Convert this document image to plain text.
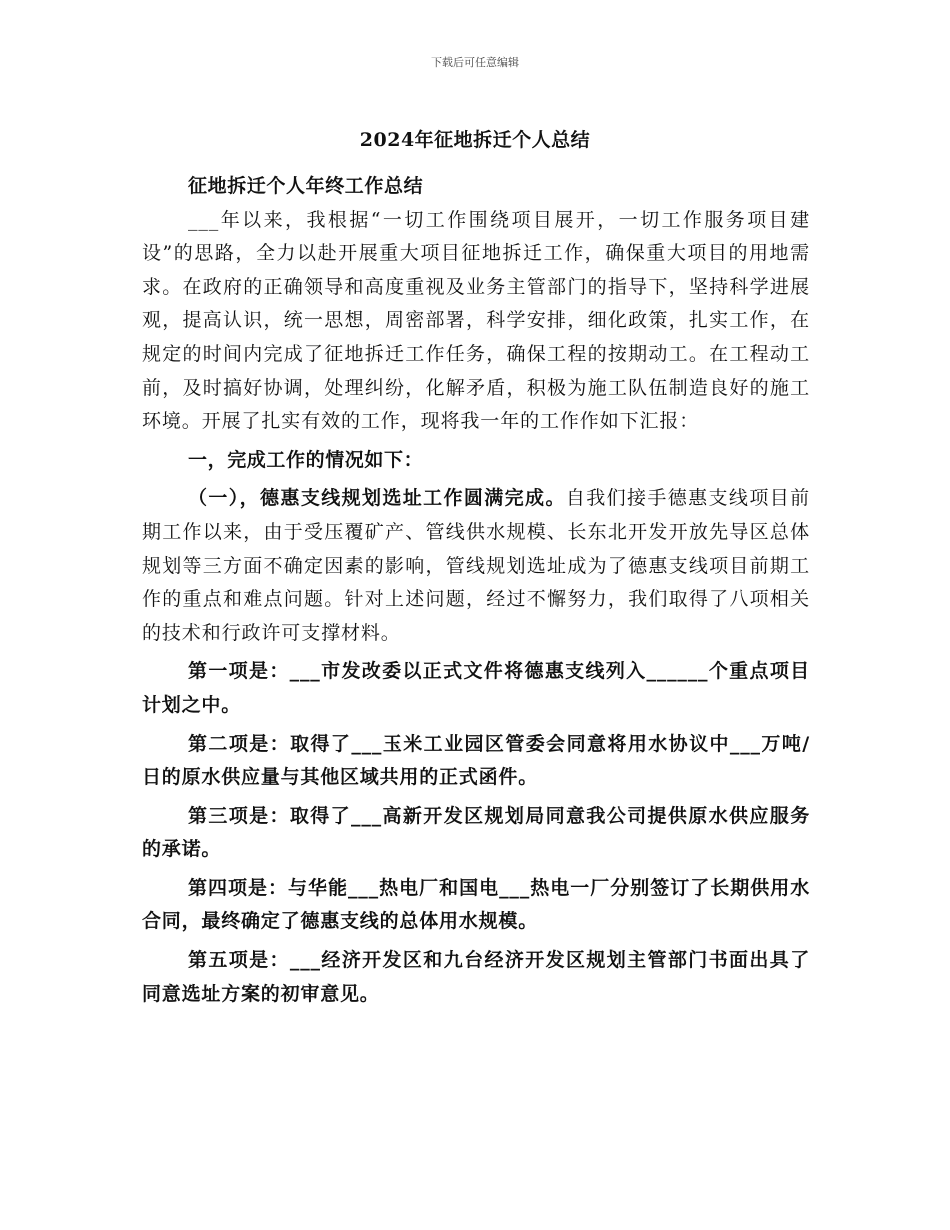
下载后可任意编辑
2024年征地拆迁个人总结

征地拆迁个人年终工作总结

___年以来，我根据“一切工作围绕项目展开，一切工作服务项目建设”的思路，全力以赴开展重大项目征地拆迁工作，确保重大项目的用地需求。在政府的正确领导和高度重视及业务主管部门的指导下，坚持科学进展观，提高认识，统一思想，周密部署，科学安排，细化政策，扎实工作，在规定的时间内完成了征地拆迁工作任务，确保工程的按期动工。在工程动工前，及时搞好协调，处理纠纷，化解矛盾，积极为施工队伍制造良好的施工环境。开展了扎实有效的工作，现将我一年的工作作如下汇报：

一，完成工作的情况如下：

（一），德惠支线规划选址工作圆满完成。自我们接手德惠支线项目前期工作以来，由于受压覆矿产、管线供水规模、长东北开发开放先导区总体规划等三方面不确定因素的影响，管线规划选址成为了德惠支线项目前期工作的重点和难点问题。针对上述问题，经过不懈努力，我们取得了八项相关的技术和行政许可支撑材料。

第一项是：___市发改委以正式文件将德惠支线列入______个重点项目计划之中。

第二项是：取得了___玉米工业园区管委会同意将用水协议中___万吨/日的原水供应量与其他区域共用的正式函件。

第三项是：取得了___高新开发区规划局同意我公司提供原水供应服务的承诺。

第四项是：与华能___热电厂和国电___热电一厂分别签订了长期供用水合同，最终确定了德惠支线的总体用水规模。

第五项是：___经济开发区和九台经济开发区规划主管部门书面出具了同意选址方案的初审意见。
